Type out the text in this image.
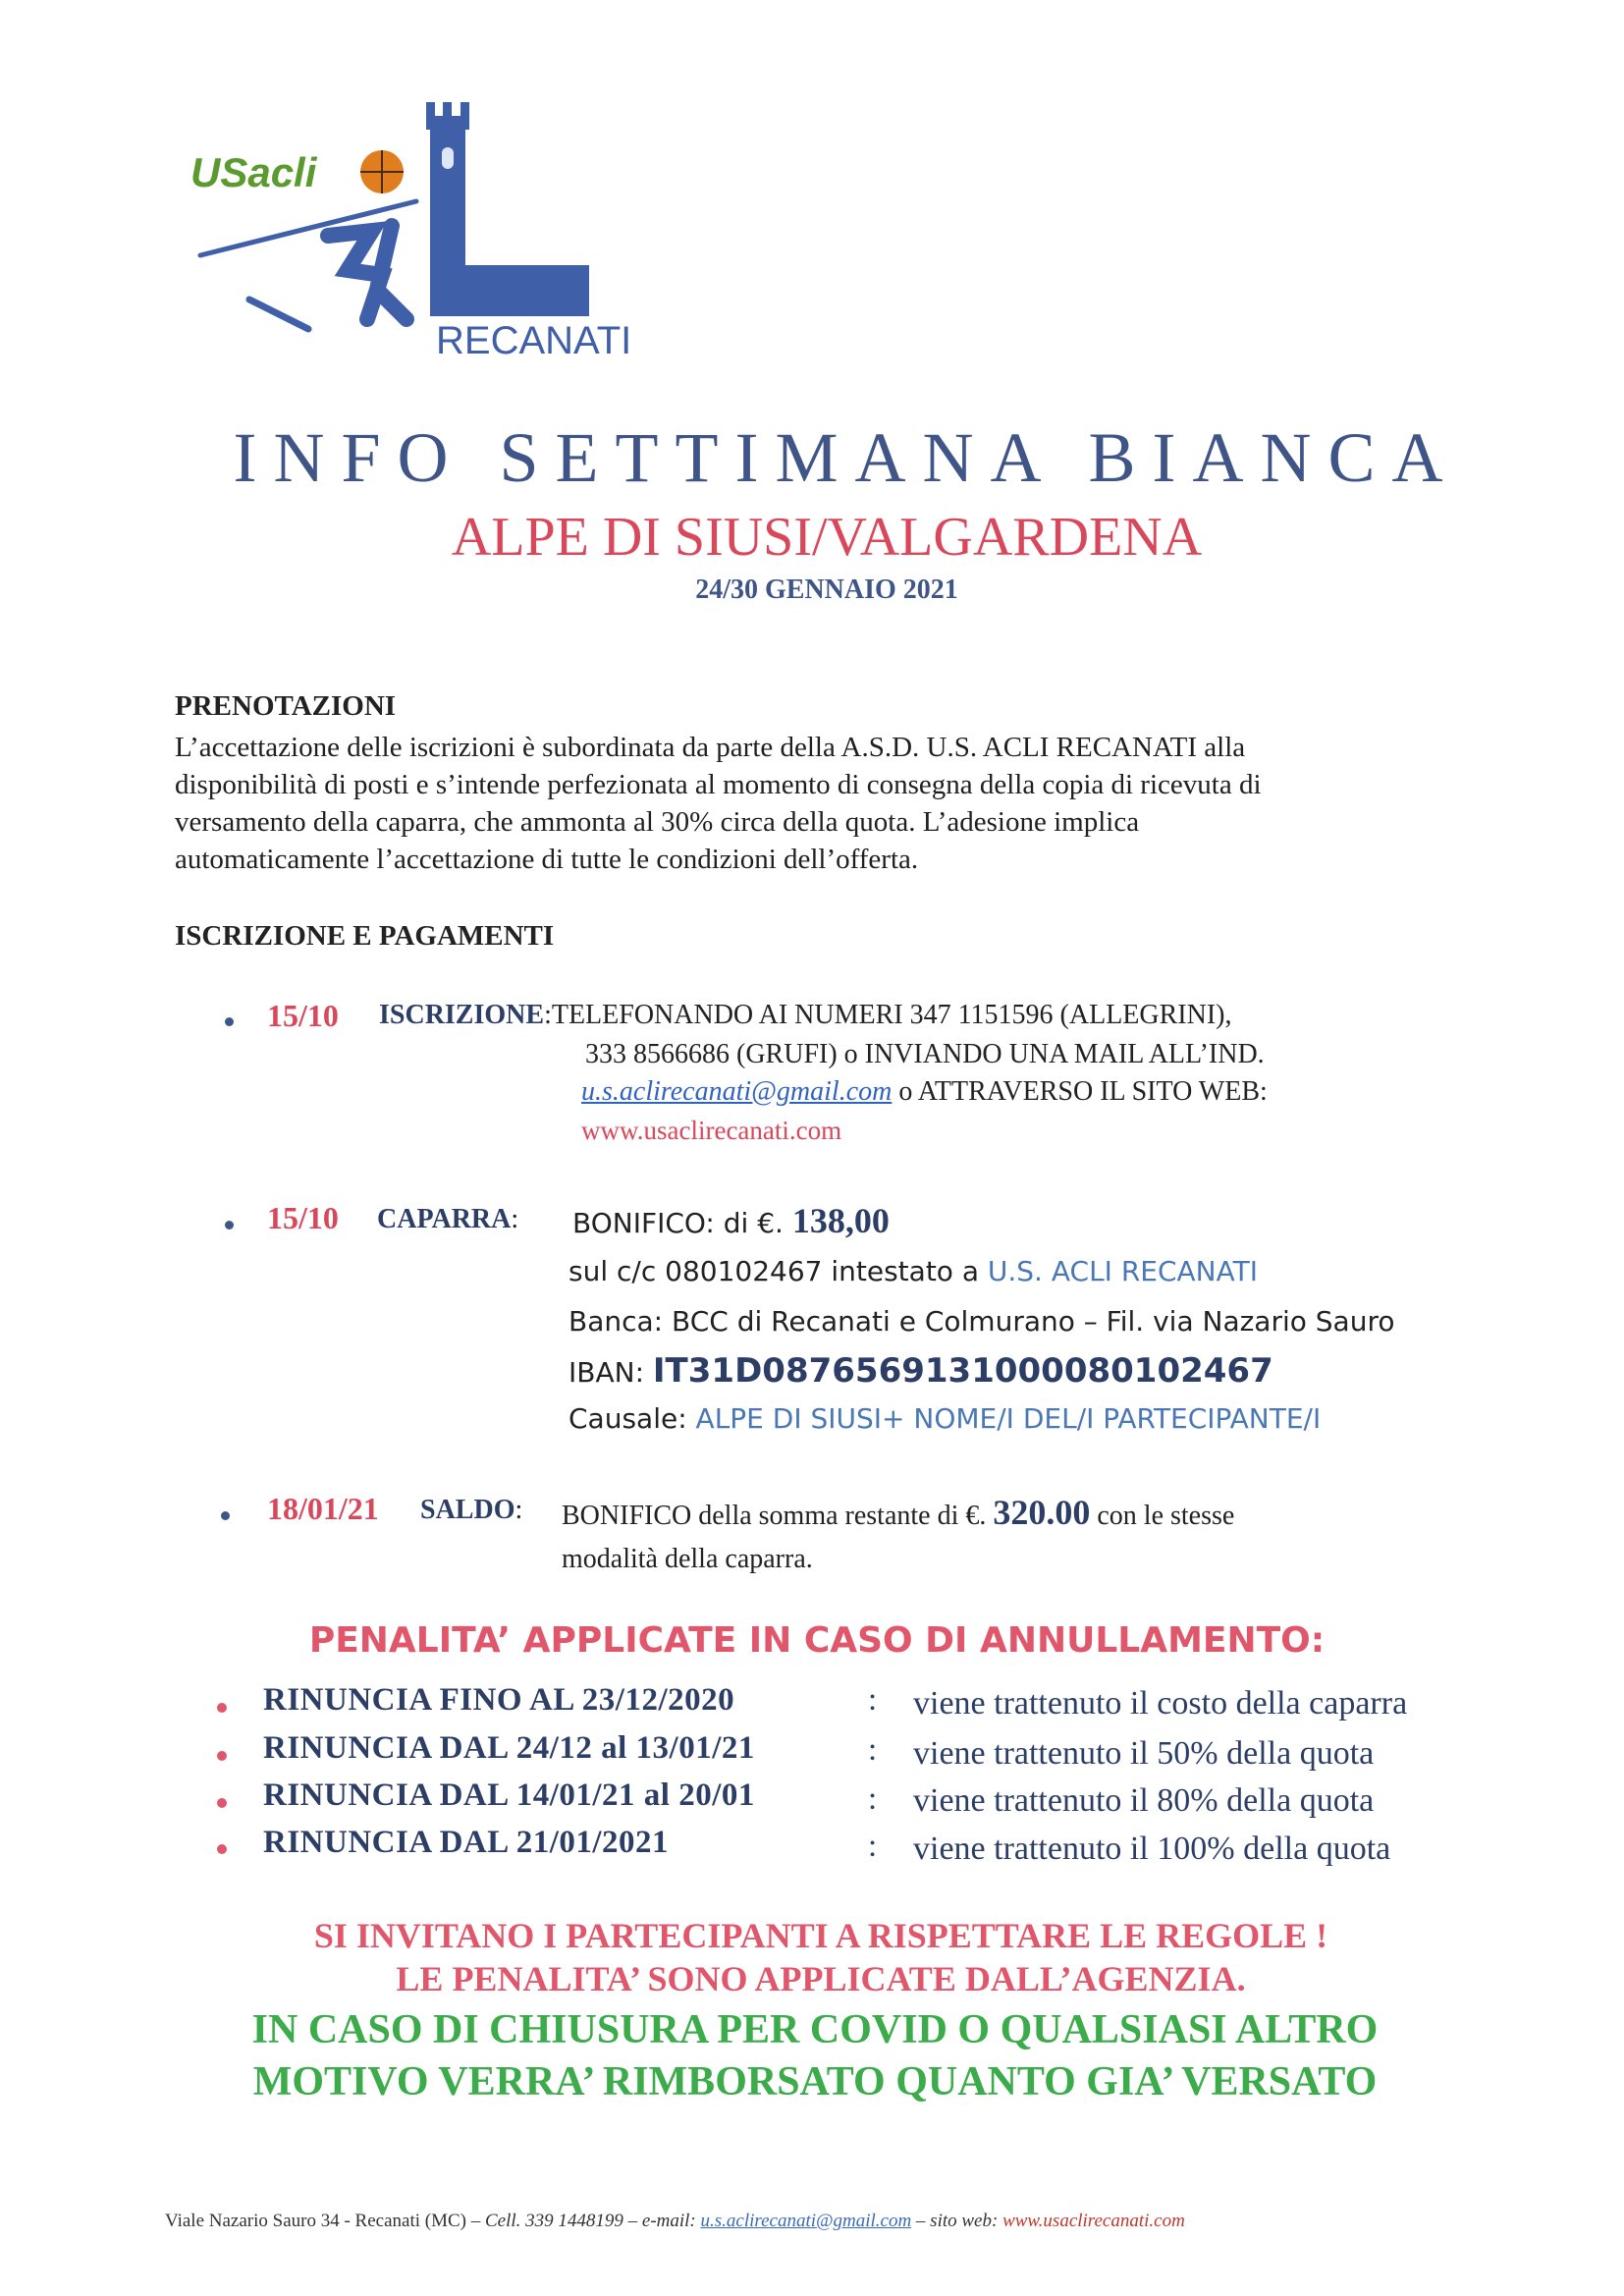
USacli
RECANATI
INFO SETTIMANA BIANCA
ALPE DI SIUSI/VALGARDENA
24/30 GENNAIO 2021
PRENOTAZIONI
L’accettazione delle iscrizioni è subordinata da parte della A.S.D. U.S. ACLI RECANATI alla
disponibilità di posti e s’intende perfezionata al momento di consegna della copia di ricevuta di
versamento della caparra, che ammonta al 30% circa della quota. L’adesione implica
automaticamente l’accettazione di tutte le condizioni dell’offerta.
ISCRIZIONE E PAGAMENTI
15/10 ISCRIZIONE:TELEFONANDO AI NUMERI 347 1151596 (ALLEGRINI),
333 8566686 (GRUFI) o INVIANDO UNA MAIL ALL’IND.
u.s.aclirecanati@gmail.com o ATTRAVERSO IL SITO WEB:
www.usaclirecanati.com
15/10 CAPARRA: BONIFICO: di €. 138,00
sul c/c 080102467 intestato a U.S. ACLI RECANATI
Banca: BCC di Recanati e Colmurano – Fil. via Nazario Sauro
IBAN: IT31D0876569131000080102467
Causale: ALPE DI SIUSI+ NOME/I DEL/I PARTECIPANTE/I
18/01/21 SALDO: BONIFICO della somma restante di €. 320.00 con le stesse
modalità della caparra.
PENALITA’ APPLICATE IN CASO DI ANNULLAMENTO:
RINUNCIA FINO AL 23/12/2020	: viene trattenuto il costo della caparra
RINUNCIA DAL 24/12 al 13/01/21	: viene trattenuto il 50% della quota
RINUNCIA DAL 14/01/21 al 20/01	: viene trattenuto il 80% della quota
RINUNCIA DAL 21/01/2021	: viene trattenuto il 100% della quota
SI INVITANO I PARTECIPANTI A RISPETTARE LE REGOLE !
LE PENALITA’ SONO APPLICATE DALL’AGENZIA.
IN CASO DI CHIUSURA PER COVID O QUALSIASI ALTRO
MOTIVO VERRA’ RIMBORSATO QUANTO GIA’ VERSATO
Viale Nazario Sauro 34 - Recanati (MC) – Cell. 339 1448199 – e-mail: u.s.aclirecanati@gmail.com – sito web: www.usaclirecanati.com
